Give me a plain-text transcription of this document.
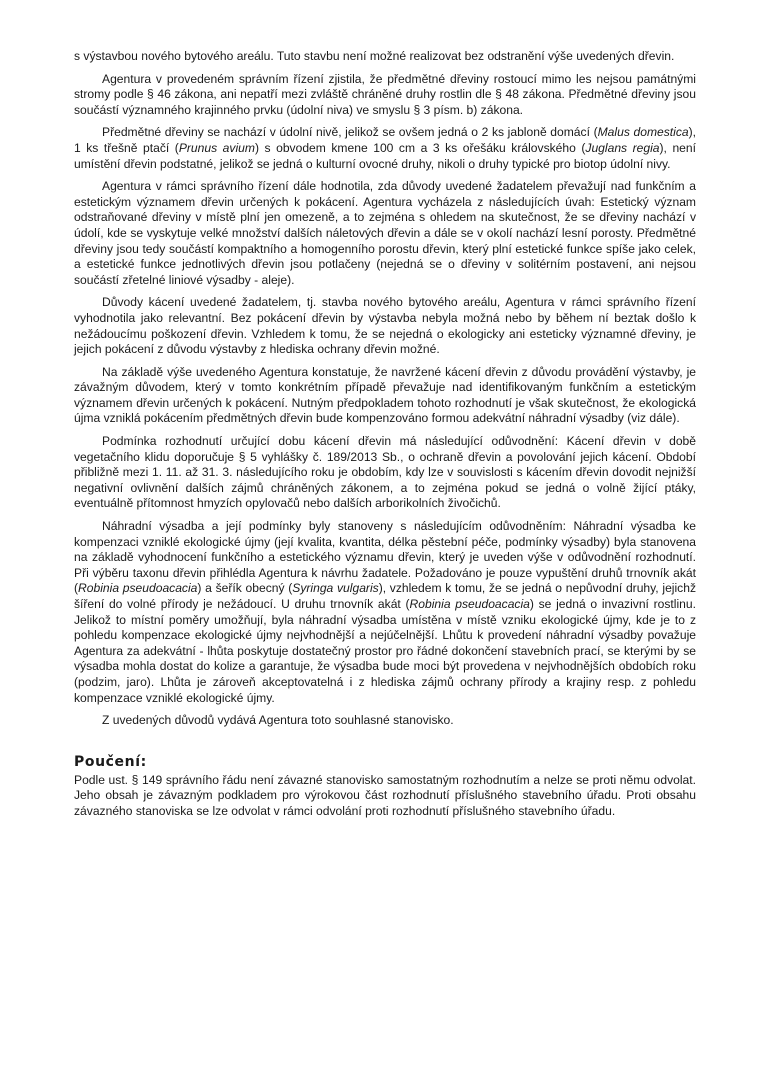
s výstavbou nového bytového areálu. Tuto stavbu není možné realizovat bez odstranění výše uvedených dřevin.

Agentura v provedeném správním řízení zjistila, že předmětné dřeviny rostoucí mimo les nejsou památnými stromy podle § 46 zákona, ani nepatří mezi zvláště chráněné druhy rostlin dle § 48 zákona. Předmětné dřeviny jsou součástí významného krajinného prvku (údolní niva) ve smyslu § 3 písm. b) zákona.

Předmětné dřeviny se nachází v údolní nivě, jelikož se ovšem jedná o 2 ks jabloně domácí (Malus domestica), 1 ks třešně ptačí (Prunus avium) s obvodem kmene 100 cm a 3 ks ořešáku královského (Juglans regia), není umístění dřevin podstatné, jelikož se jedná o kulturní ovocné druhy, nikoli o druhy typické pro biotop údolní nivy.

Agentura v rámci správního řízení dále hodnotila, zda důvody uvedené žadatelem převažují nad funkčním a estetickým významem dřevin určených k pokácení. Agentura vycházela z následujících úvah: Estetický význam odstraňované dřeviny v místě plní jen omezeně, a to zejména s ohledem na skutečnost, že se dřeviny nachází v údolí, kde se vyskytuje velké množství dalších náletových dřevin a dále se v okolí nachází lesní porosty. Předmětné dřeviny jsou tedy součástí kompaktního a homogenního porostu dřevin, který plní estetické funkce spíše jako celek, a estetické funkce jednotlivých dřevin jsou potlačeny (nejedná se o dřeviny v solitérním postavení, ani nejsou součástí zřetelné liniové výsadby - aleje).

Důvody kácení uvedené žadatelem, tj. stavba nového bytového areálu, Agentura v rámci správního řízení vyhodnotila jako relevantní. Bez pokácení dřevin by výstavba nebyla možná nebo by během ní beztak došlo k nežádoucímu poškození dřevin. Vzhledem k tomu, že se nejedná o ekologicky ani esteticky významné dřeviny, je jejich pokácení z důvodu výstavby z hlediska ochrany dřevin možné.

Na základě výše uvedeného Agentura konstatuje, že navržené kácení dřevin z důvodu provádění výstavby, je závažným důvodem, který v tomto konkrétním případě převažuje nad identifikovaným funkčním a estetickým významem dřevin určených k pokácení. Nutným předpokladem tohoto rozhodnutí je však skutečnost, že ekologická újma vzniklá pokácením předmětných dřevin bude kompenzováno formou adekvátní náhradní výsadby (viz dále).

Podmínka rozhodnutí určující dobu kácení dřevin má následující odůvodnění: Kácení dřevin v době vegetačního klidu doporučuje § 5 vyhlášky č. 189/2013 Sb., o ochraně dřevin a povolování jejich kácení. Období přibližně mezi 1. 11. až 31. 3. následujícího roku je obdobím, kdy lze v souvislosti s kácením dřevin dovodit nejnižší negativní ovlivnění dalších zájmů chráněných zákonem, a to zejména pokud se jedná o volně žijící ptáky, eventuálně přítomnost hmyzích opylovačů nebo dalších arborikolních živočichů.

Náhradní výsadba a její podmínky byly stanoveny s následujícím odůvodněním: Náhradní výsadba ke kompenzaci vzniklé ekologické újmy (její kvalita, kvantita, délka pěstební péče, podmínky výsadby) byla stanovena na základě vyhodnocení funkčního a estetického významu dřevin, který je uveden výše v odůvodnění rozhodnutí. Při výběru taxonu dřevin přihlédla Agentura k návrhu žadatele. Požadováno je pouze vypuštění druhů trnovník akát (Robinia pseudoacacia) a šeřík obecný (Syringa vulgaris), vzhledem k tomu, že se jedná o nepůvodní druhy, jejichž šíření do volné přírody je nežádoucí. U druhu trnovník akát (Robinia pseudoacacia) se jedná o invazivní rostlinu. Jelikož to místní poměry umožňují, byla náhradní výsadba umístěna v místě vzniku ekologické újmy, kde je to z pohledu kompenzace ekologické újmy nejvhodnější a nejúčelnější. Lhůtu k provedení náhradní výsadby považuje Agentura za adekvátní - lhůta poskytuje dostatečný prostor pro řádné dokončení stavebních prací, se kterými by se výsadba mohla dostat do kolize a garantuje, že výsadba bude moci být provedena v nejvhodnějších obdobích roku (podzim, jaro). Lhůta je zároveň akceptovatelná i z hlediska zájmů ochrany přírody a krajiny resp. z pohledu kompenzace vzniklé ekologické újmy.

Z uvedených důvodů vydává Agentura toto souhlasné stanovisko.

Poučení:

Podle ust. § 149 správního řádu není závazné stanovisko samostatným rozhodnutím a nelze se proti němu odvolat. Jeho obsah je závazným podkladem pro výrokovou část rozhodnutí příslušného stavebního úřadu. Proti obsahu závazného stanoviska se lze odvolat v rámci odvolání proti rozhodnutí příslušného stavebního úřadu.
